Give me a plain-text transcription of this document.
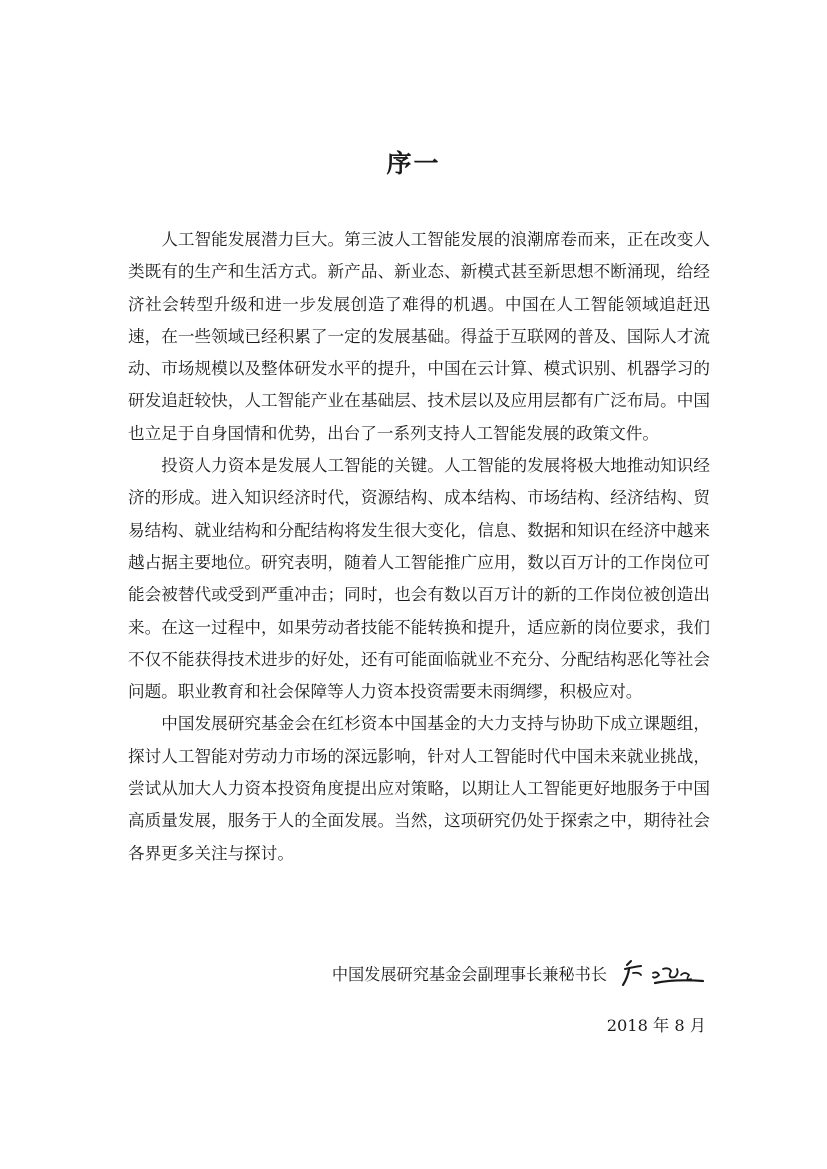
序一

人工智能发展潜力巨大。第三波人工智能发展的浪潮席卷而来，正在改变人类既有的生产和生活方式。新产品、新业态、新模式甚至新思想不断涌现，给经济社会转型升级和进一步发展创造了难得的机遇。中国在人工智能领域追赶迅速，在一些领域已经积累了一定的发展基础。得益于互联网的普及、国际人才流动、市场规模以及整体研发水平的提升，中国在云计算、模式识别、机器学习的研发追赶较快，人工智能产业在基础层、技术层以及应用层都有广泛布局。中国也立足于自身国情和优势，出台了一系列支持人工智能发展的政策文件。

投资人力资本是发展人工智能的关键。人工智能的发展将极大地推动知识经济的形成。进入知识经济时代，资源结构、成本结构、市场结构、经济结构、贸易结构、就业结构和分配结构将发生很大变化，信息、数据和知识在经济中越来越占据主要地位。研究表明，随着人工智能推广应用，数以百万计的工作岗位可能会被替代或受到严重冲击；同时，也会有数以百万计的新的工作岗位被创造出来。在这一过程中，如果劳动者技能不能转换和提升，适应新的岗位要求，我们不仅不能获得技术进步的好处，还有可能面临就业不充分、分配结构恶化等社会问题。职业教育和社会保障等人力资本投资需要未雨绸缪，积极应对。

中国发展研究基金会在红杉资本中国基金的大力支持与协助下成立课题组，探讨人工智能对劳动力市场的深远影响，针对人工智能时代中国未来就业挑战，尝试从加大人力资本投资角度提出应对策略，以期让人工智能更好地服务于中国高质量发展，服务于人的全面发展。当然，这项研究仍处于探索之中，期待社会各界更多关注与探讨。

中国发展研究基金会副理事长兼秘书长
2018 年 8 月
